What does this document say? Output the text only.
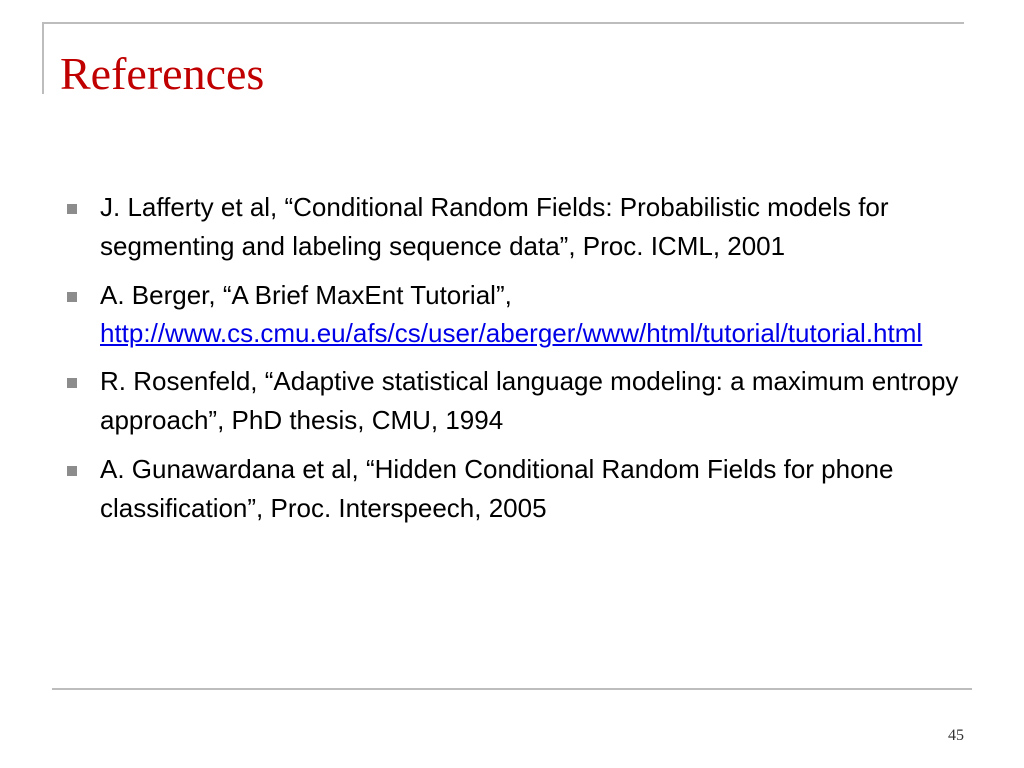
References
J. Lafferty et al, “Conditional Random Fields: Probabilistic models for segmenting and labeling sequence data”, Proc. ICML, 2001
A. Berger, “A Brief MaxEnt Tutorial”,
http://www.cs.cmu.eu/afs/cs/user/aberger/www/html/tutorial/tutorial.html
R. Rosenfeld, “Adaptive statistical language modeling: a maximum entropy approach”, PhD thesis, CMU, 1994
A. Gunawardana et al, “Hidden Conditional Random Fields for phone classification”, Proc. Interspeech, 2005
45
